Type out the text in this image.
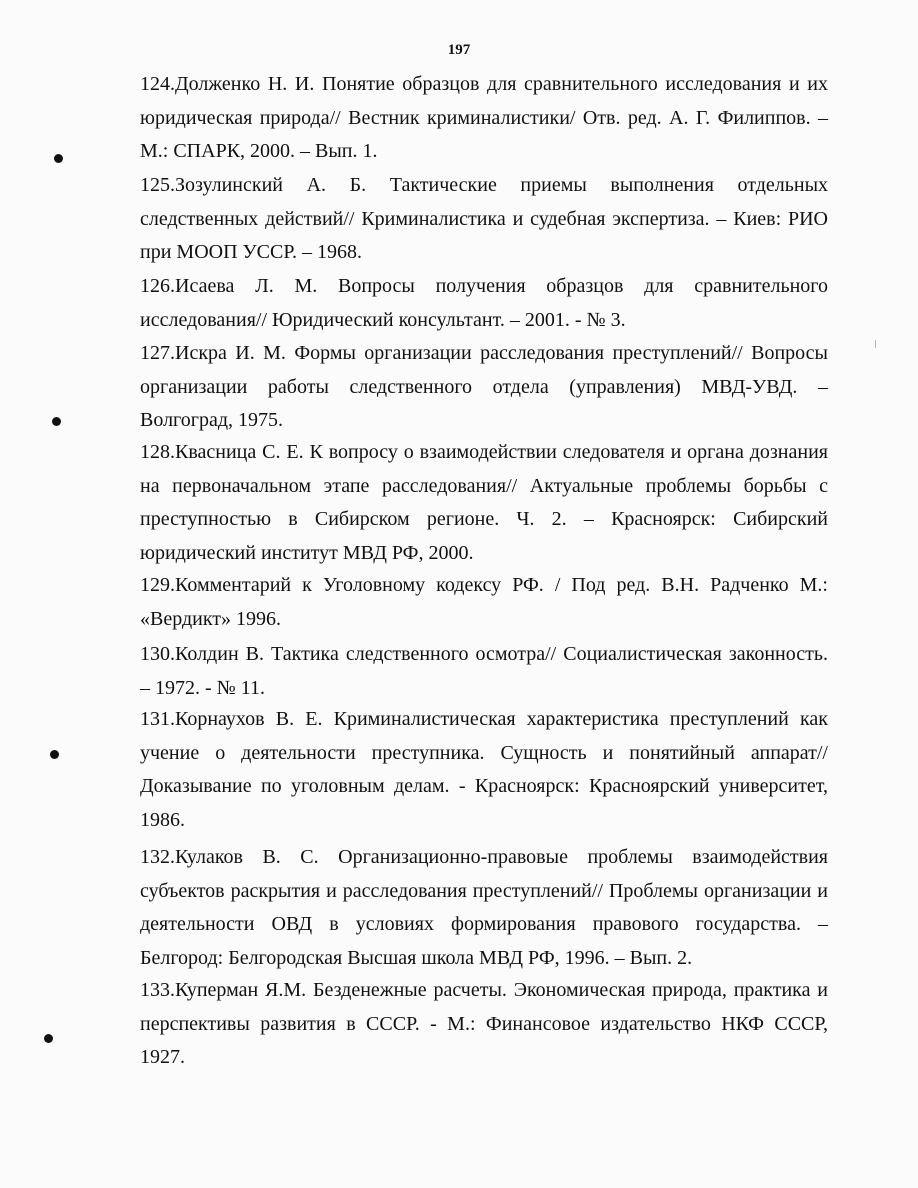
197
124.Долженко Н. И. Понятие образцов для сравнительного исследования и их юридическая природа// Вестник криминалистики/ Отв. ред. А. Г. Филиппов. – М.: СПАРК, 2000. – Вып. 1.
125.Зозулинский А. Б. Тактические приемы выполнения отдельных следственных действий// Криминалистика и судебная экспертиза. – Киев: РИО при МООП УССР. – 1968.
126.Исаева Л. М. Вопросы получения образцов для сравнительного исследования// Юридический консультант. – 2001. - № 3.
127.Искра И. М. Формы организации расследования преступлений// Вопросы организации работы следственного отдела (управления) МВД-УВД. – Волгоград, 1975.
128.Квасница С. Е. К вопросу о взаимодействии следователя и органа дознания на первоначальном этапе расследования// Актуальные проблемы борьбы с преступностью в Сибирском регионе. Ч. 2. – Красноярск: Сибирский юридический институт МВД РФ, 2000.
129.Комментарий к Уголовному кодексу РФ. / Под ред. В.Н. Радченко М.: «Вердикт» 1996.
130.Колдин В. Тактика следственного осмотра// Социалистическая законность. – 1972. - № 11.
131.Корнаухов В. Е. Криминалистическая характеристика преступлений как учение о деятельности преступника. Сущность и понятийный аппарат// Доказывание по уголовным делам. - Красноярск: Красноярский университет, 1986.
132.Кулаков В. С. Организационно-правовые проблемы взаимодействия субъектов раскрытия и расследования преступлений// Проблемы организации и деятельности ОВД в условиях формирования правового государства. – Белгород: Белгородская Высшая школа МВД РФ, 1996. – Вып. 2.
133.Куперман Я.М. Безденежные расчеты. Экономическая природа, практика и перспективы развития в СССР. - М.: Финансовое издательство НКФ СССР, 1927.
